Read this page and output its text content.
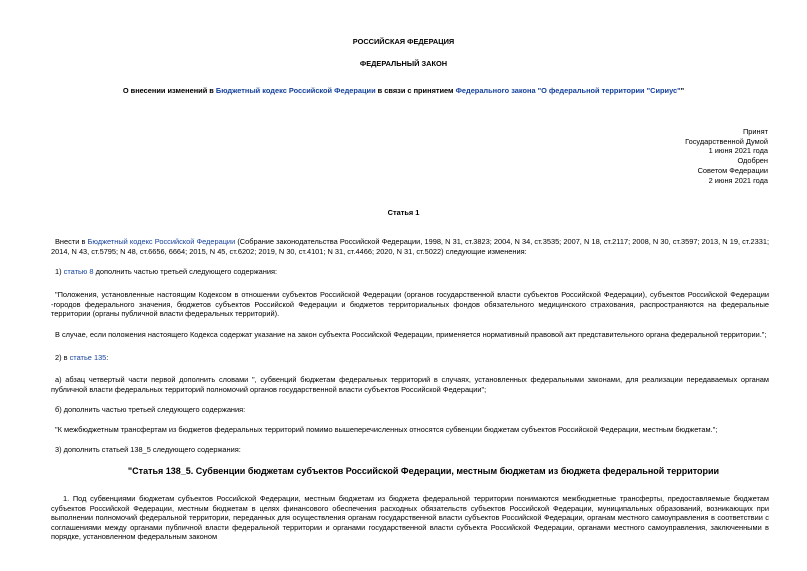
РОССИЙСКАЯ ФЕДЕРАЦИЯ
ФЕДЕРАЛЬНЫЙ ЗАКОН
О внесении изменений в Бюджетный кодекс Российской Федерации в связи с принятием Федерального закона "О федеральной территории "Сириус""
Принят
Государственной Думой
1 июня 2021 года
Одобрен
Советом Федерации
2 июня 2021 года
Статья 1
Внести в Бюджетный кодекс Российской Федерации (Собрание законодательства Российской Федерации, 1998, N 31, ст.3823; 2004, N 34, ст.3535; 2007, N 18, ст.2117; 2008, N 30, ст.3597; 2013, N 19, ст.2331; 2014, N 43, ст.5795; N 48, ст.6656, 6664; 2015, N 45, ст.6202; 2019, N 30, ст.4101; N 31, ст.4466; 2020, N 31, ст.5022) следующие изменения:
1) статью 8 дополнить частью третьей следующего содержания:
"Положения, установленные настоящим Кодексом в отношении субъектов Российской Федерации (органов государственной власти субъектов Российской Федерации), субъектов Российской Федерации -городов федерального значения, бюджетов субъектов Российской Федерации и бюджетов территориальных фондов обязательного медицинского страхования, распространяются на федеральные территории (органы публичной власти федеральных территорий).
В случае, если положения настоящего Кодекса содержат указание на закон субъекта Российской Федерации, применяется нормативный правовой акт представительного органа федеральной территории.";
2) в статье 135:
а) абзац четвертый части первой дополнить словами ", субвенций бюджетам федеральных территорий в случаях, установленных федеральными законами, для реализации передаваемых органам публичной власти федеральных территорий полномочий органов государственной власти субъектов Российской Федерации";
б) дополнить частью третьей следующего содержания:
"К межбюджетным трансфертам из бюджетов федеральных территорий помимо вышеперечисленных относятся субвенции бюджетам субъектов Российской Федерации, местным бюджетам.";
3) дополнить статьей 138_5 следующего содержания:
"Статья 138_5. Субвенции бюджетам субъектов Российской Федерации, местным бюджетам из бюджета федеральной территории
1. Под субвенциями бюджетам субъектов Российской Федерации, местным бюджетам из бюджета федеральной территории понимаются межбюджетные трансферты, предоставляемые бюджетам субъектов Российской Федерации, местным бюджетам в целях финансового обеспечения расходных обязательств субъектов Российской Федерации, муниципальных образований, возникающих при выполнении полномочий федеральной территории, переданных для осуществления органам государственной власти субъектов Российской Федерации, органам местного самоуправления в соответствии с соглашениями между органами публичной власти федеральной территории и органами государственной власти субъекта Российской Федерации, органами местного самоуправления, заключенными в порядке, установленном федеральным законом
